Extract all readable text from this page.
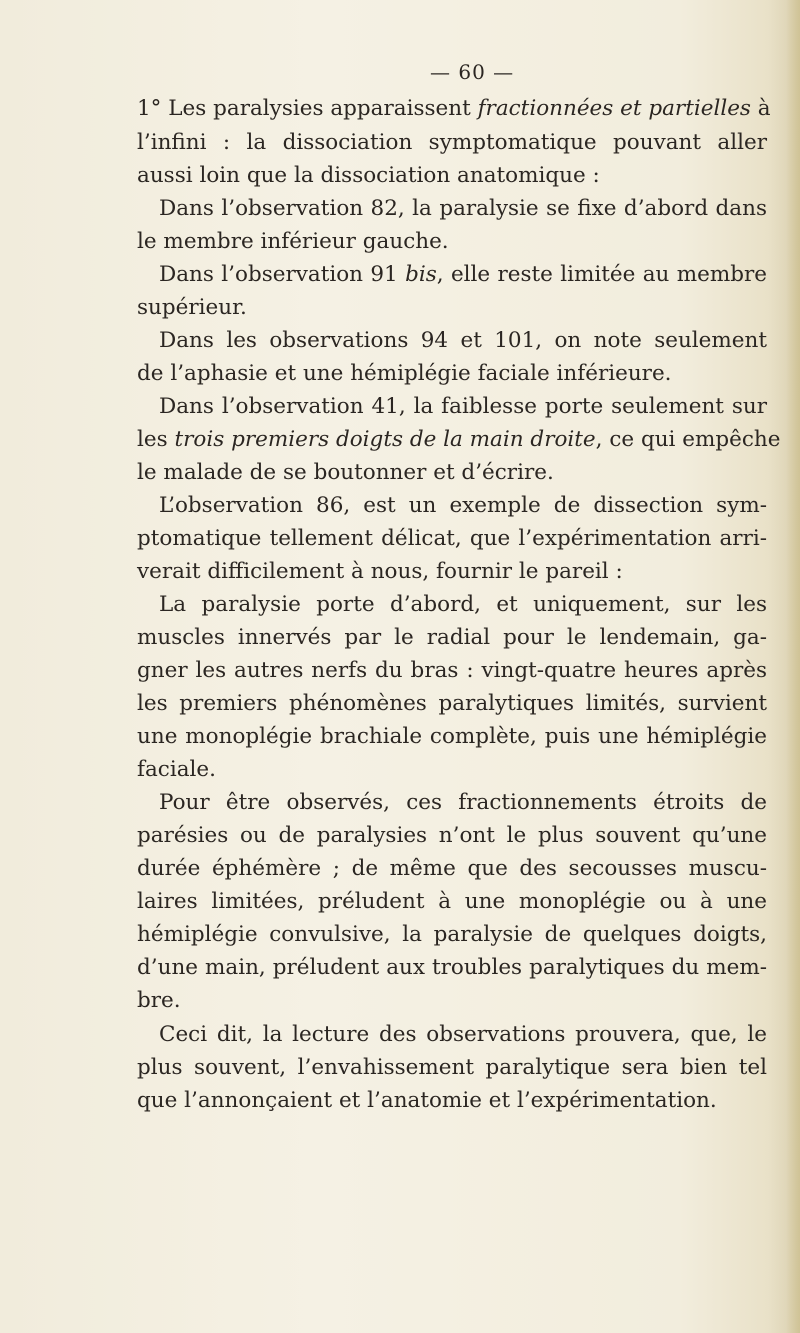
— 60 —
1° Les paralysies apparaissent fractionnées et partielles à
l’infini : la dissociation symptomatique pouvant aller
aussi loin que la dissociation anatomique :
Dans l’observation 82, la paralysie se fixe d’abord dans
le membre inférieur gauche.
Dans l’observation 91 bis, elle reste limitée au membre
supérieur.
Dans les observations 94 et 101, on note seulement
de l’aphasie et une hémiplégie faciale inférieure.
Dans l’observation 41, la faiblesse porte seulement sur
les trois premiers doigts de la main droite, ce qui empêche
le malade de se boutonner et d’écrire.
L’observation 86, est un exemple de dissection sym-
ptomatique tellement délicat, que l’expérimentation arri-
verait difficilement à nous, fournir le pareil :
La paralysie porte d’abord, et uniquement, sur les
muscles innervés par le radial pour le lendemain, ga-
gner les autres nerfs du bras : vingt-quatre heures après
les premiers phénomènes paralytiques limités, survient
une monoplégie brachiale complète, puis une hémiplégie
faciale.
Pour être observés, ces fractionnements étroits de
parésies ou de paralysies n’ont le plus souvent qu’une
durée éphémère ; de même que des secousses muscu-
laires limitées, préludent à une monoplégie ou à une
hémiplégie convulsive, la paralysie de quelques doigts,
d’une main, préludent aux troubles paralytiques du mem-
bre.
Ceci dit, la lecture des observations prouvera, que, le
plus souvent, l’envahissement paralytique sera bien tel
que l’annonçaient et l’anatomie et l’expérimentation.
